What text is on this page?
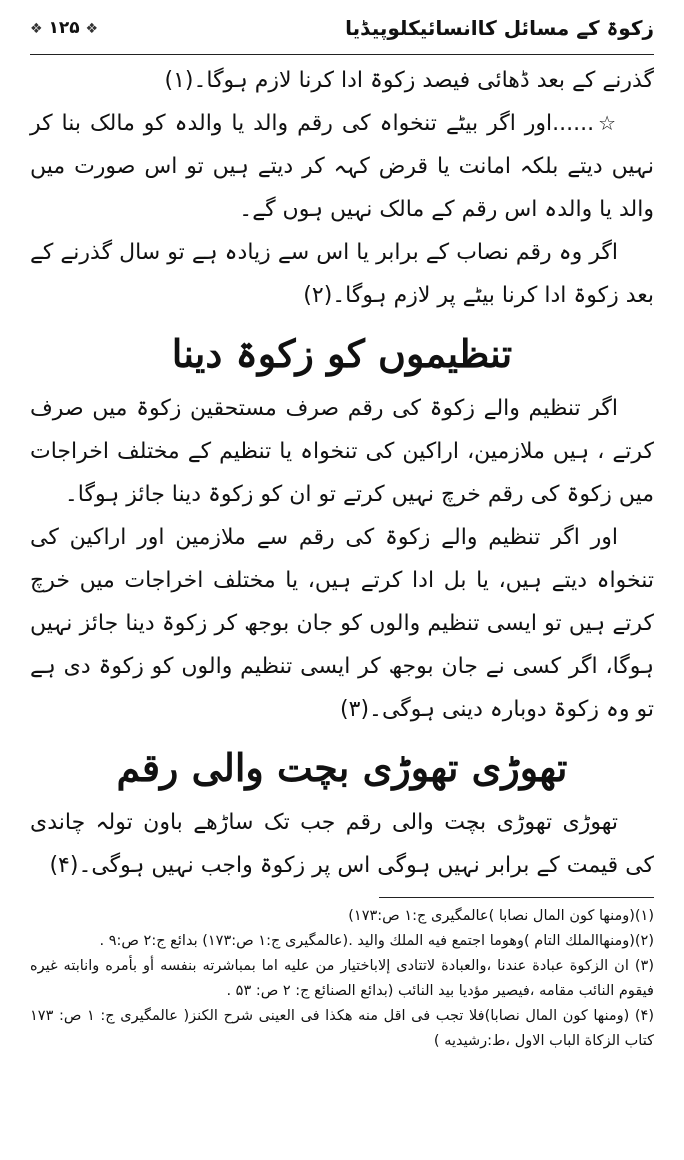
زکوۃ کے مسائل کاانسائیکلوپیڈیا
❖ ۱۲۵ ❖

گذرنے کے بعد ڈھائی فیصد زکوۃ ادا کرنا لازم ہوگا۔(۱)

☆......اور اگر بیٹے تنخواہ کی رقم والد یا والدہ کو مالک بنا کر نہیں دیتے بلکہ امانت یا قرض کہہ کر دیتے ہیں تو اس صورت میں والد یا والدہ اس رقم کے مالک نہیں ہوں گے۔

اگر وہ رقم نصاب کے برابر یا اس سے زیادہ ہے تو سال گذرنے کے بعد زکوۃ ادا کرنا بیٹے پر لازم ہوگا۔(۲)

تنظیموں کو زکوۃ دینا

اگر تنظیم والے زکوۃ کی رقم صرف مستحقین زکوۃ میں صرف کرتے ، ہیں ملازمین، اراکین کی تنخواہ یا تنظیم کے مختلف اخراجات میں زکوۃ کی رقم خرچ نہیں کرتے تو ان کو زکوۃ دینا جائز ہوگا۔

اور اگر تنظیم والے زکوۃ کی رقم سے ملازمین اور اراکین کی تنخواہ دیتے ہیں، یا بل ادا کرتے ہیں، یا مختلف اخراجات میں خرچ کرتے ہیں تو ایسی تنظیم والوں کو جان بوجھ کر زکوۃ دینا جائز نہیں ہوگا، اگر کسی نے جان بوجھ کر ایسی تنظیم والوں کو زکوۃ دی ہے تو وہ زکوۃ دوبارہ دینی ہوگی۔(۳)

تھوڑی تھوڑی بچت والی رقم

تھوڑی تھوڑی بچت والی رقم جب تک ساڑھے باون تولہ چاندی کی قیمت کے برابر نہیں ہوگی اس پر زکوۃ واجب نہیں ہوگی۔(۴)

(۱)(ومنها كون المال نصابا )عالمگیری ج:۱ ص:۱۷۳)

(۲)(ومنهاالملك التام )وهوما اجتمع فيه الملك واليد .(عالمگیری ج:۱ ص:۱۷۳) بدائع ج:۲ ص:۹ .

(۳) ان الزكوة عبادة عندنا ،والعبادة لاتتادى إلاباختيار من عليه اما بمباشرته بنفسه أو بأمره وانابته غيره فيقوم النائب مقامه ،فيصير مؤديا بيد النائب (بدائع الصنائع ج: ۲ ص: ۵۳ .

(۴) (ومنها كون المال نصابا)فلا تجب فى اقل منه هكذا فى العينى شرح الكنز( عالمگیری ج: ۱ ص: ۱۷۳ کتاب الزكاة الباب الاول ،ط:رشیدیه )
